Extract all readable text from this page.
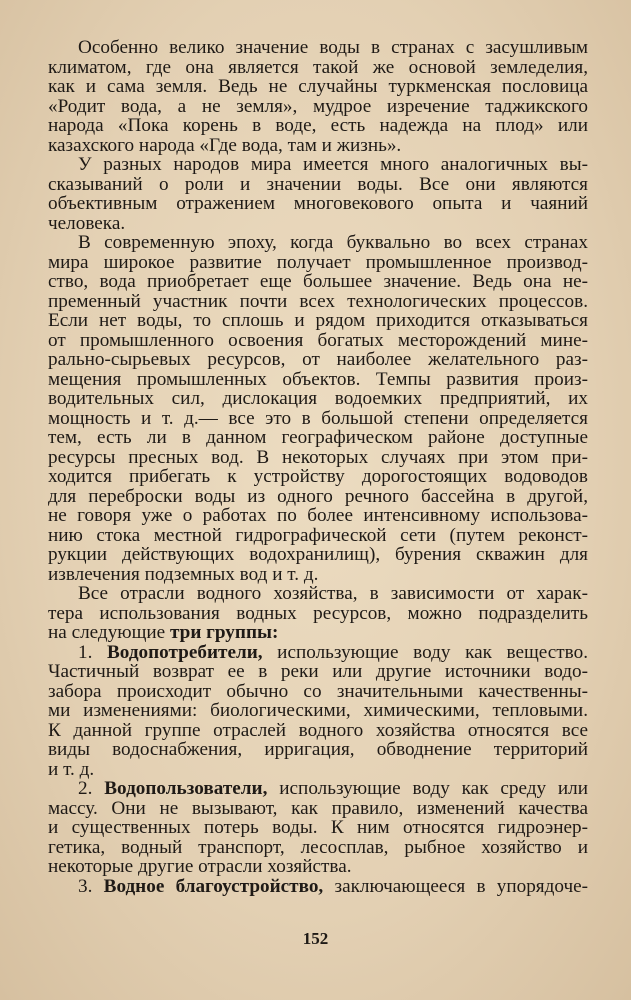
Особенно велико значение воды в странах с засушливым
климатом, где она является такой же основой земледелия,
как и сама земля. Ведь не случайны туркменская пословица
«Родит вода, а не земля», мудрое изречение таджикского
народа «Пока корень в воде, есть надежда на плод» или
казахского народа «Где вода, там и жизнь».

У разных народов мира имеется много аналогичных вы-
сказываний о роли и значении воды. Все они являются
объективным отражением многовекового опыта и чаяний
человека.

В современную эпоху, когда буквально во всех странах
мира широкое развитие получает промышленное производ-
ство, вода приобретает еще большее значение. Ведь она не-
пременный участник почти всех технологических процессов.
Если нет воды, то сплошь и рядом приходится отказываться
от промышленного освоения богатых месторождений мине-
рально-сырьевых ресурсов, от наиболее желательного раз-
мещения промышленных объектов. Темпы развития произ-
водительных сил, дислокация водоемких предприятий, их
мощность и т. д.— все это в большой степени определяется
тем, есть ли в данном географическом районе доступные
ресурсы пресных вод. В некоторых случаях при этом при-
ходится прибегать к устройству дорогостоящих водоводов
для переброски воды из одного речного бассейна в другой,
не говоря уже о работах по более интенсивному использова-
нию стока местной гидрографической сети (путем реконст-
рукции действующих водохранилищ), бурения скважин для
извлечения подземных вод и т. д.

Все отрасли водного хозяйства, в зависимости от харак-
тера использования водных ресурсов, можно подразделить
на следующие три группы:

1. Водопотребители, использующие воду как вещество.
Частичный возврат ее в реки или другие источники водо-
забора происходит обычно со значительными качественны-
ми изменениями: биологическими, химическими, тепловыми.
К данной группе отраслей водного хозяйства относятся все
виды водоснабжения, ирригация, обводнение территорий
и т. д.

2. Водопользователи, использующие воду как среду или
массу. Они не вызывают, как правило, изменений качества
и существенных потерь воды. К ним относятся гидроэнер-
гетика, водный транспорт, лесосплав, рыбное хозяйство и
некоторые другие отрасли хозяйства.

3. Водное благоустройство, заключающееся в упорядоче-

152
